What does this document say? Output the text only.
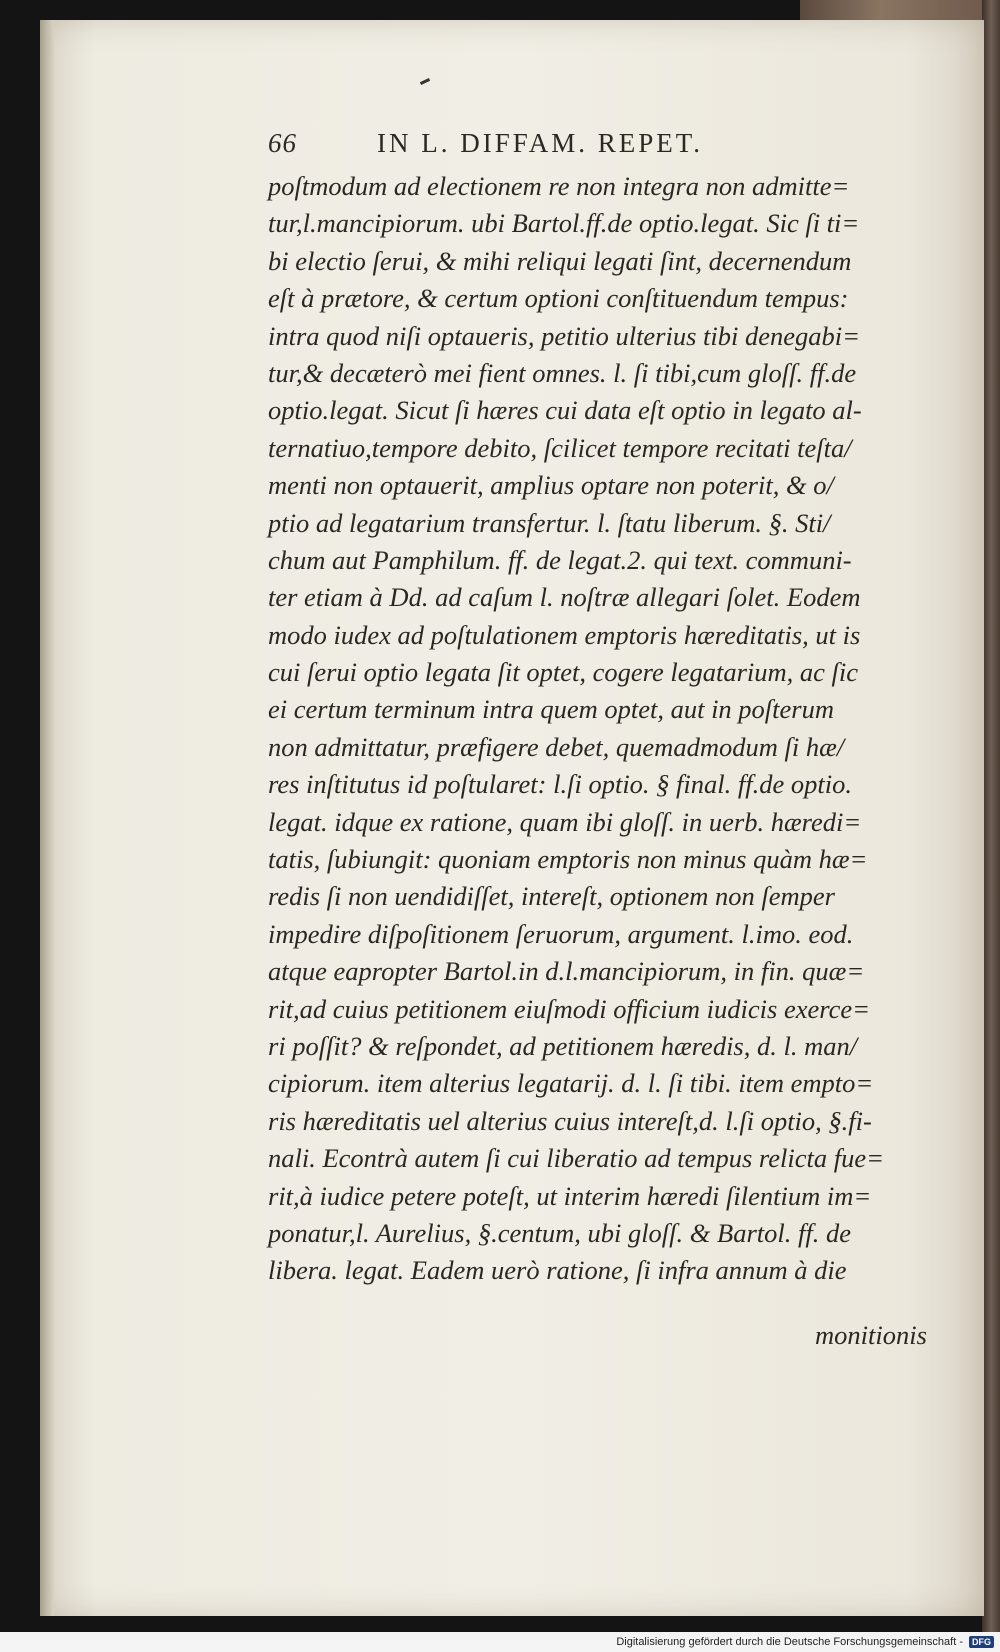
66	IN L. DIFFAM. REPET.
poſtmodum ad electionem re non integra non admitte=
tur,l.mancipiorum. ubi Bartol.ff.de optio.legat. Sic ſi ti=
bi electio ſerui, & mihi reliqui legati ſint, decernendum
eſt à prætore, & certum optioni conſtituendum tempus:
intra quod niſi optaueris, petitio ulterius tibi denegabi=
tur,& decæterò mei fient omnes. l. ſi tibi,cum gloſſ. ff.de
optio.legat. Sicut ſi hæres cui data eſt optio in legato al-
ternatiuo,tempore debito, ſcilicet tempore recitati teſta/
menti non optauerit, amplius optare non poterit, & o/
ptio ad legatarium transfertur. l. ſtatu liberum. §. Sti/
chum aut Pamphilum. ff. de legat.2. qui text. communi-
ter etiam à Dd. ad caſum l. noſtræ allegari ſolet. Eodem
modo iudex ad poſtulationem emptoris hæreditatis, ut is
cui ſerui optio legata ſit optet, cogere legatarium, ac ſic
ei certum terminum intra quem optet, aut in poſterum
non admittatur, præfigere debet, quemadmodum ſi hæ/
res inſtitutus id poſtularet: l.ſi optio. § final. ff.de optio.
legat. idque ex ratione, quam ibi gloſſ. in uerb. hæredi=
tatis, ſubiungit: quoniam emptoris non minus quàm hæ=
redis ſi non uendidiſſet, intereſt, optionem non ſemper
impedire diſpoſitionem ſeruorum, argument. l.imo. eod.
atque eapropter Bartol.in d.l.mancipiorum, in fin. quæ=
rit,ad cuius petitionem eiuſmodi officium iudicis exerce=
ri poſſit? & reſpondet, ad petitionem hæredis, d. l. man/
cipiorum. item alterius legatarij. d. l. ſi tibi. item empto=
ris hæreditatis uel alterius cuius intereſt,d. l.ſi optio, §.fi-
nali. Econtrà autem ſi cui liberatio ad tempus relicta fue=
rit,à iudice petere poteſt, ut interim hæredi ſilentium im=
ponatur,l. Aurelius, §.centum, ubi gloſſ. & Bartol. ff. de
libera. legat. Eadem uerò ratione, ſi infra annum à die
monitionis
Digitalisierung gefördert durch die Deutsche Forschungsgemeinschaft -	DFG
